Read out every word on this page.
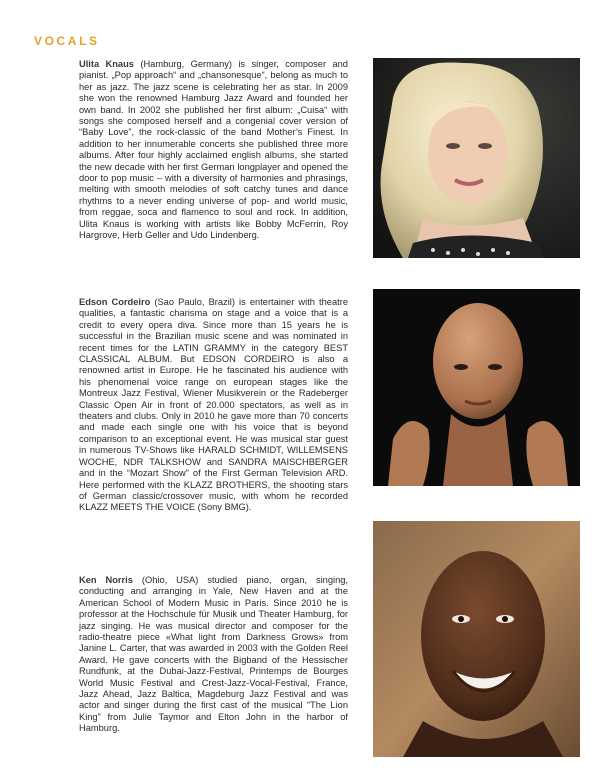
VOCALS
Ulita Knaus (Hamburg, Germany) is singer, composer and pianist. „Pop approach“ and „chansonesque“, belong as much to her as jazz. The jazz scene is celebrating her as star. In 2009 she won the renowned Hamburg Jazz Award and founded her own band. In 2002 she published her first album: „Cuisa“ with songs she composed herself and a congenial cover version of “Baby Love”, the rock-classic of the band Mother’s Finest. In addition to her innumerable concerts she published three more albums. After four highly acclaimed english albums, she started the new decade with her first German longplayer and opened the door to pop music – with a diversity of harmonies and phrasings, melting with smooth melodies of soft catchy tunes and dance rhythms to a never ending universe of pop- and world music, from reggae, soca and flamenco to soul and rock. In addition, Ulita Knaus is working with artists like Bobby McFerrin, Roy Hargrove, Herb Geller and Udo Lindenberg.
Edson Cordeiro (Sao Paulo, Brazil) is entertainer with theatre qualities, a fantastic charisma on stage and a voice that is a credit to every opera diva. Since more than 15 years he is successful in the Brazilian music scene and was nominated in recent times for the LATIN GRAMMY in the category BEST CLASSICAL ALBUM. But EDSON CORDEIRO is also a renowned artist in Europe. He he fascinated his audience with his phenomenal voice range on european stages like the Montreux Jazz Festival, Wiener Musikverein or the Radeberger Classic Open Air in front of 20.000 spectators, as well as in theaters and clubs. Only in 2010 he gave more than 70 concerts and made each single one with his voice that is beyond comparison to an exceptional event. He was musical star guest in numerous TV-Shows like HARALD SCHMIDT, WILLEMSENS WOCHE, NDR TALKSHOW and SANDRA MAISCHBERGER and in the “Mozart Show” of the First German Television ARD. Here performed with the KLAZZ BROTHERS, the shooting stars of German classic/crossover music, with whom he recorded KLAZZ MEETS THE VOICE (Sony BMG).
Ken Norris (Ohio, USA) studied piano, organ, singing, conducting and arranging in Yale, New Haven and at the American School of Modern Music in Paris. Since 2010 he is professor at the Hochschule für Musik und Theater Hamburg, for jazz singing. He was musical director and composer for the radio-theatre piece «What light from Darkness Grows» from Janine L. Carter, that was awarded in 2003 with the Golden Reel Award. He gave concerts with the Bigband of the Hessischer Rundfunk, at the Dubai-Jazz-Festival, Printemps de Bourges World Music Festival and Crest-Jazz-Vocal-Festival, France, Jazz Ahead, Jazz Baltica, Magdeburg Jazz Festival and was actor and singer during the first cast of the musical “The Lion King” from Julie Taymor and Elton John in the harbor of Hamburg.
